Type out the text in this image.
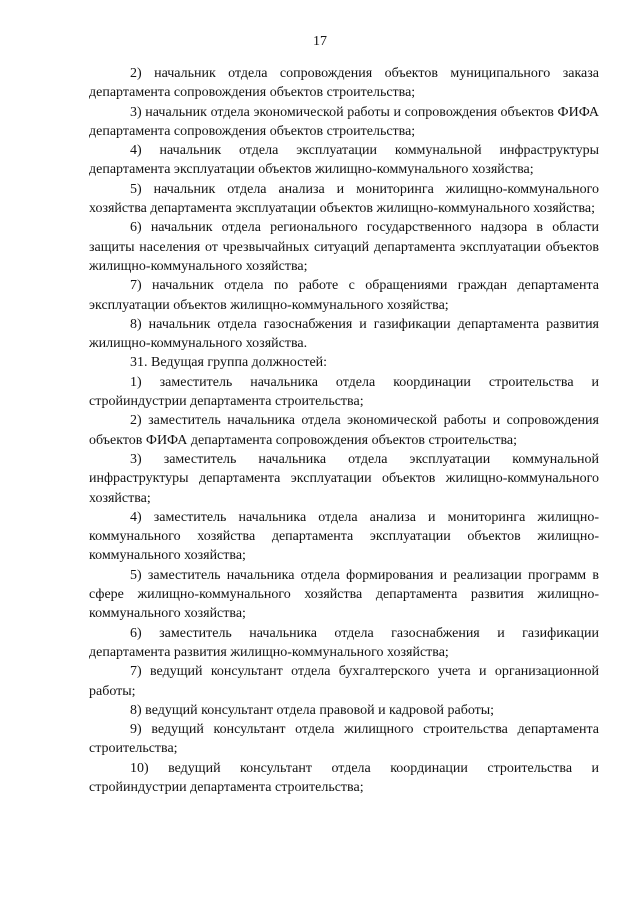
17

2) начальник отдела сопровождения объектов муниципального заказа департамента сопровождения объектов строительства;

3) начальник отдела экономической работы и сопровождения объектов ФИФА департамента сопровождения объектов строительства;

4) начальник отдела эксплуатации коммунальной инфраструктуры департамента эксплуатации объектов жилищно-коммунального хозяйства;

5) начальник отдела анализа и мониторинга жилищно-коммунального хозяйства департамента эксплуатации объектов жилищно-коммунального хозяйства;

6) начальник отдела регионального государственного надзора в области защиты населения от чрезвычайных ситуаций департамента эксплуатации объектов жилищно-коммунального хозяйства;

7) начальник отдела по работе с обращениями граждан департамента эксплуатации объектов жилищно-коммунального хозяйства;

8) начальник отдела газоснабжения и газификации департамента развития жилищно-коммунального хозяйства.

31. Ведущая группа должностей:

1) заместитель начальника отдела координации строительства и стройиндустрии департамента строительства;

2) заместитель начальника отдела экономической работы и сопровождения объектов ФИФА департамента сопровождения объектов строительства;

3) заместитель начальника отдела эксплуатации коммунальной инфраструктуры департамента эксплуатации объектов жилищно-коммунального хозяйства;

4) заместитель начальника отдела анализа и мониторинга жилищно-коммунального хозяйства департамента эксплуатации объектов жилищно-коммунального хозяйства;

5) заместитель начальника отдела формирования и реализации программ в сфере жилищно-коммунального хозяйства департамента развития жилищно-коммунального хозяйства;

6) заместитель начальника отдела газоснабжения и газификации департамента развития жилищно-коммунального хозяйства;

7) ведущий консультант отдела бухгалтерского учета и организационной работы;

8) ведущий консультант отдела правовой и кадровой работы;

9) ведущий консультант отдела жилищного строительства департамента строительства;

10) ведущий консультант отдела координации строительства и стройиндустрии департамента строительства;
